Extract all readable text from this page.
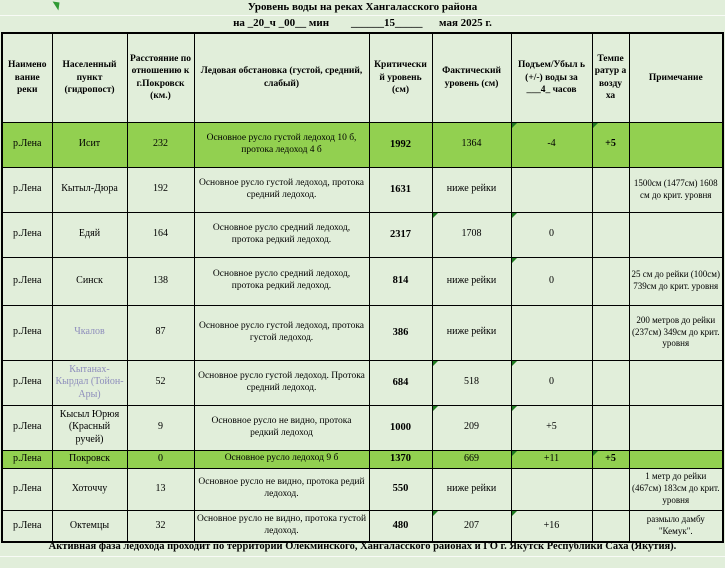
Уровень воды на реках Хангаласского района
на _20_ч _00__ мин        ______15_____      мая 2025 г.
Наимено вание реки	Населенный пункт (гидропост)	Расстояние по отношению к г.Покровск (км.)	Ледовая обстановка (густой, средний, слабый)	Критически й уровень (см)	Фактический уровень (см)	Подъем/Убыл ь (+/-) воды за ___4_ часов	Темпе ратур а возду ха	Примечание
р.Лена	Исит	232	Основное русло густой ледоход 10 б, протока ледоход 4 б	1992	1364	-4	+5	
р.Лена	Кытыл-Дюра	192	Основное русло густой ледоход, протока средний ледоход.	1631	ниже рейки			1500см (1477см) 1608 см до крит. уровня
р.Лена	Едяй	164	Основное русло средний ледоход, протока редкий ледоход.	2317	1708	0		
р.Лена	Синск	138	Основное русло средний ледоход, протока редкий ледоход.	814	ниже рейки	0		25 см до рейки (100см) 739см до крит. уровня
р.Лена	Чкалов	87	Основное русло густой ледоход, протока густой ледоход.	386	ниже рейки			200 метров до рейки (237см) 349см до крит. уровня
р.Лена	Кытанах-Кырдал (Тойон-Ары)	52	Основное русло густой ледоход. Протока средний ледоход.	684	518	0		
р.Лена	Кысыл Юрюя (Красный ручей)	9	Основное русло не видно, протока редкий ледоход	1000	209	+5		
р.Лена	Покровск	0	Основное русло ледоход 9 б	1370	669	+11	+5	
р.Лена	Хоточчу	13	Основное русло не видно, протока редий ледоход.	550	ниже рейки			1 метр до рейки (467см) 183см до крит. уровня
р.Лена	Октемцы	32	Основное русло не видно, протока густой ледоход.	480	207	+16		размыло дамбу "Кемук".
Активная фаза ледохода проходит по территории Олекминского, Хангаласского районах и ГО г. Якутск Республики Саха (Якутия).
